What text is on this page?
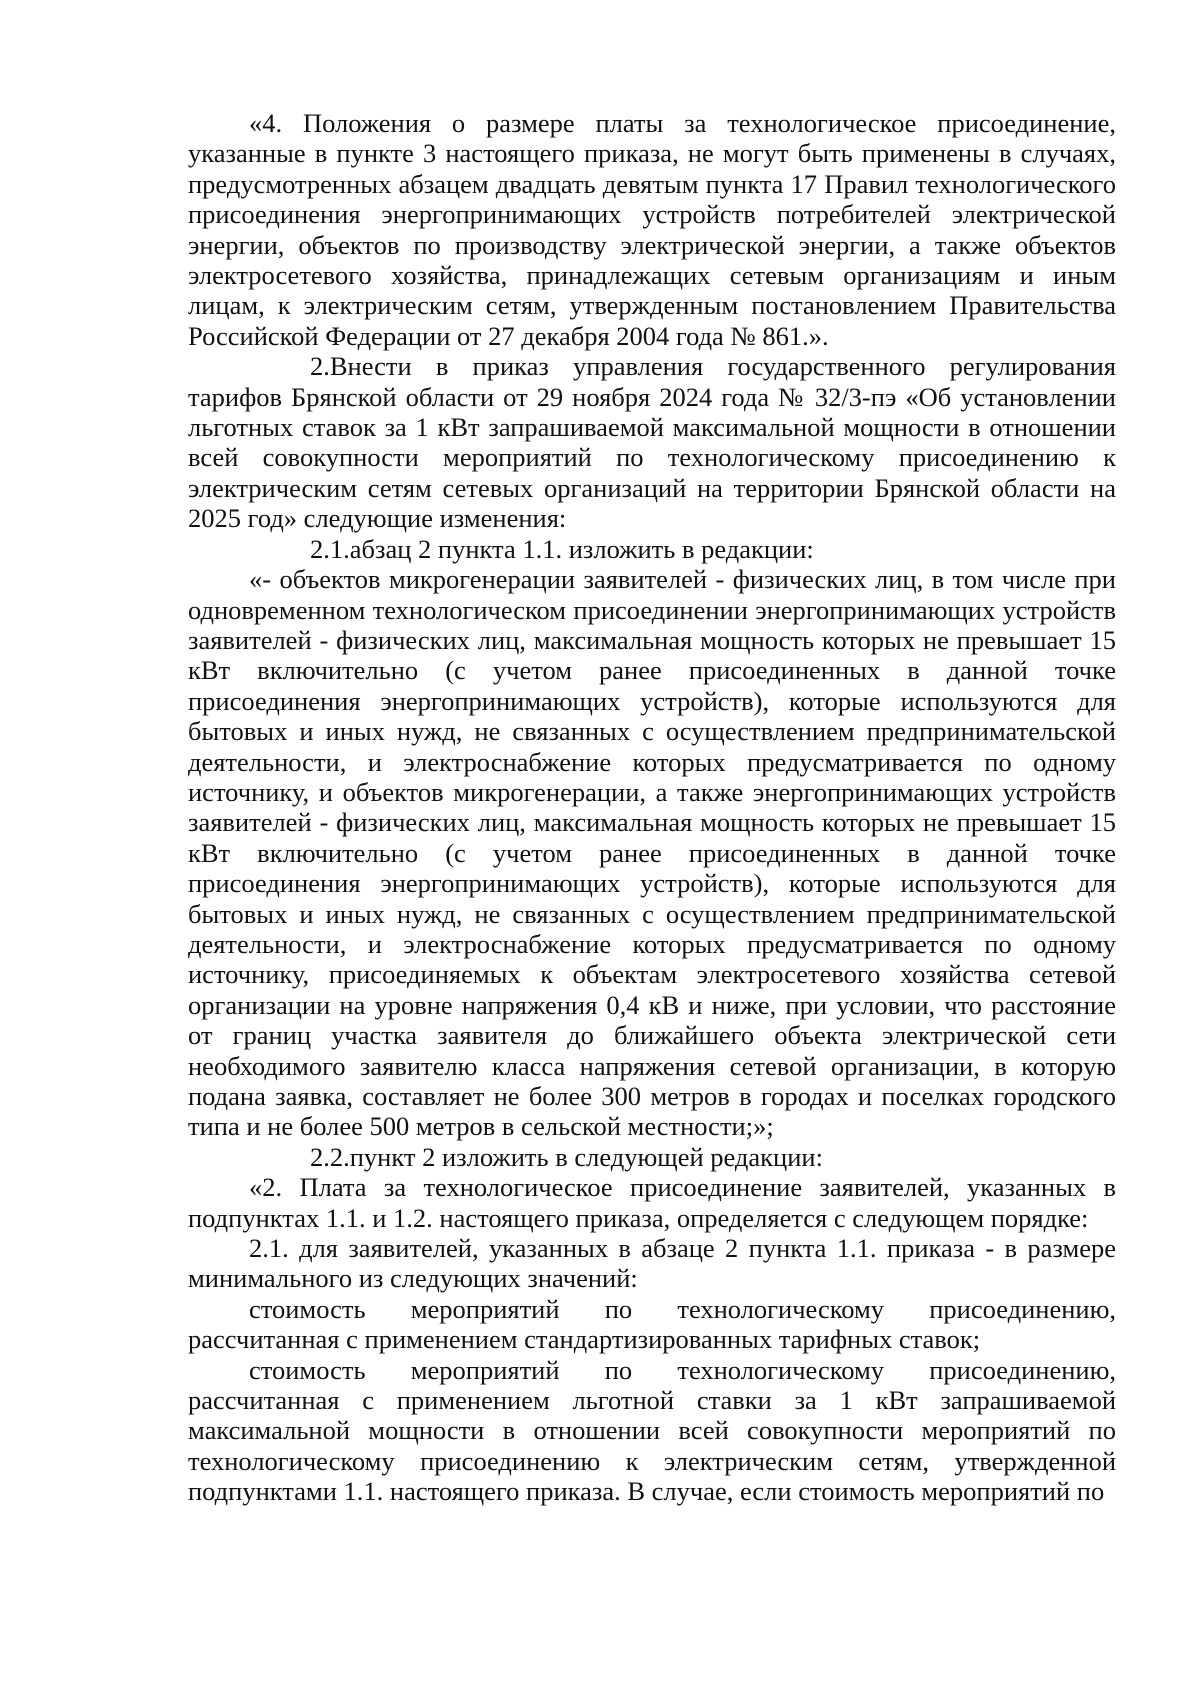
«4. Положения о размере платы за технологическое присоединение, указанные в пункте 3 настоящего приказа, не могут быть применены в случаях, предусмотренных абзацем двадцать девятым пункта 17 Правил технологического присоединения энергопринимающих устройств потребителей электрической энергии, объектов по производству электрической энергии, а также объектов электросетевого хозяйства, принадлежащих сетевым организациям и иным лицам, к электрическим сетям, утвержденным постановлением Правительства Российской Федерации от 27 декабря 2004 года № 861.».

2.Внести в приказ управления государственного регулирования тарифов Брянской области от 29 ноября 2024 года № 32/3-пэ «Об установлении льготных ставок за 1 кВт запрашиваемой максимальной мощности в отношении всей совокупности мероприятий по технологическому присоединению к электрическим сетям сетевых организаций на территории Брянской области на 2025 год» следующие изменения:

2.1.абзац 2 пункта 1.1. изложить в редакции:

«- объектов микрогенерации заявителей - физических лиц, в том числе при одновременном технологическом присоединении энергопринимающих устройств заявителей - физических лиц, максимальная мощность которых не превышает 15 кВт включительно (с учетом ранее присоединенных в данной точке присоединения энергопринимающих устройств), которые используются для бытовых и иных нужд, не связанных с осуществлением предпринимательской деятельности, и электроснабжение которых предусматривается по одному источнику, и объектов микрогенерации, а также энергопринимающих устройств заявителей - физических лиц, максимальная мощность которых не превышает 15 кВт включительно (с учетом ранее присоединенных в данной точке присоединения энергопринимающих устройств), которые используются для бытовых и иных нужд, не связанных с осуществлением предпринимательской деятельности, и электроснабжение которых предусматривается по одному источнику, присоединяемых к объектам электросетевого хозяйства сетевой организации на уровне напряжения 0,4 кВ и ниже, при условии, что расстояние от границ участка заявителя до ближайшего объекта электрической сети необходимого заявителю класса напряжения сетевой организации, в которую подана заявка, составляет не более 300 метров в городах и поселках городского типа и не более 500 метров в сельской местности;»;

2.2.пункт 2 изложить в следующей редакции:

«2. Плата за технологическое присоединение заявителей, указанных в подпунктах 1.1. и 1.2. настоящего приказа, определяется с следующем порядке:

2.1. для заявителей, указанных в абзаце 2 пункта 1.1. приказа - в размере минимального из следующих значений:

стоимость мероприятий по технологическому присоединению, рассчитанная с применением стандартизированных тарифных ставок;

стоимость мероприятий по технологическому присоединению, рассчитанная с применением льготной ставки за 1 кВт запрашиваемой максимальной мощности в отношении всей совокупности мероприятий по технологическому присоединению к электрическим сетям, утвержденной подпунктами 1.1. настоящего приказа. В случае, если стоимость мероприятий по
